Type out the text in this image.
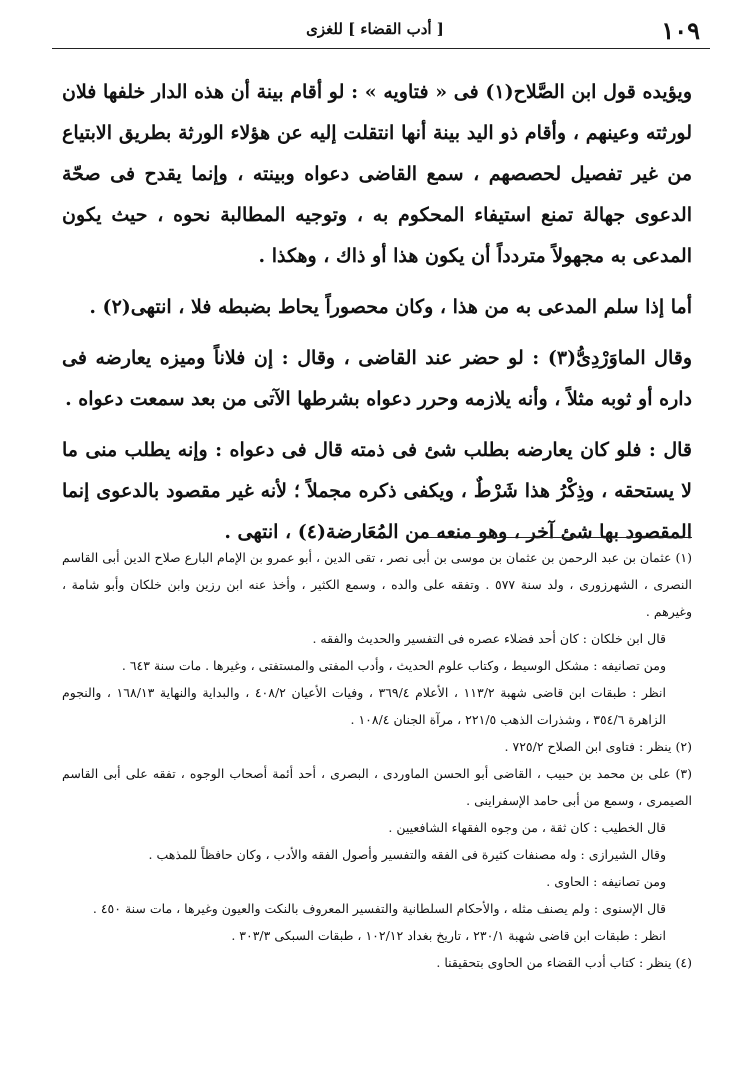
١٠٩
[ أدب القضاء ] للغزى

ويؤيده قول ابن الصَّلاح(١) فى « فتاويه » : لو أقام بينة أن هذه الدار خلفها فلان لورثته وعينهم ، وأقام ذو اليد بينة أنها انتقلت إليه عن هؤلاء الورثة بطريق الابتياع من غير تفصيل لحصصهم ، سمع القاضى دعواه وبينته ، وإنما يقدح فى صحّة الدعوى جهالة تمنع استيفاء المحكوم به ، وتوجيه المطالبة نحوه ، حيث يكون المدعى به مجهولاً متردداً أن يكون هذا أو ذاك ، وهكذا .

أما إذا سلم المدعى به من هذا ، وكان محصوراً يحاط بضبطه فلا ، انتهى(٢) .

وقال الماوَرْدِىُّ(٣) : لو حضر عند القاضى ، وقال : إن فلاناً وميزه يعارضه فى داره أو ثوبه مثلاً ، وأنه يلازمه وحرر دعواه بشرطها الآتى من بعد سمعت دعواه .

قال : فلو كان يعارضه بطلب شئ فى ذمته قال فى دعواه : وإنه يطلب منى ما لا يستحقه ، وذِكْرُ هذا شَرْطٌ ، ويكفى ذكره مجملاً ؛ لأنه غير مقصود بالدعوى إنما المقصود بها شئ آخر ، وهو منعه من المُعَارضة(٤) ، انتهى .

(١) عثمان بن عبد الرحمن بن عثمان بن موسى بن أبى نصر ، تقى الدين ، أبو عمرو بن الإمام البارع صلاح الدين أبى القاسم النصرى ، الشهرزورى ، ولد سنة ٥٧٧ . وتفقه على والده ، وسمع الكثير ، وأخذ عنه ابن رزين وابن خلكان وأبو شامة ، وغيرهم .

قال ابن خلكان : كان أحد فضلاء عصره فى التفسير والحديث والفقه .

ومن تصانيفه : مشكل الوسيط ، وكتاب علوم الحديث ، وأدب المفتى والمستفتى ، وغيرها . مات سنة ٦٤٣ .

انظر : طبقات ابن قاضى شهبة ١١٣/٢ ، الأعلام ٣٦٩/٤ ، وفيات الأعيان ٤٠٨/٢ ، والبداية والنهاية ١٦٨/١٣ ، والنجوم الزاهرة ٣٥٤/٦ ، وشذرات الذهب ٢٢١/٥ ، مرآة الجنان ١٠٨/٤ .

(٢) ينظر : فتاوى ابن الصلاح ٧٢٥/٢ .

(٣) على بن محمد بن حبيب ، القاضى أبو الحسن الماوردى ، البصرى ، أحد أئمة أصحاب الوجوه ، تفقه على أبى القاسم الصيمرى ، وسمع من أبى حامد الإسفراينى .

قال الخطيب : كان ثقة ، من وجوه الفقهاء الشافعيين .

وقال الشيرازى : وله مصنفات كثيرة فى الفقه والتفسير وأصول الفقه والأدب ، وكان حافظاً للمذهب .

ومن تصانيفه : الحاوى .

قال الإسنوى : ولم يصنف مثله ، والأحكام السلطانية والتفسير المعروف بالنكت والعيون وغيرها ، مات سنة ٤٥٠ .

انظر : طبقات ابن قاضى شهبة ٢٣٠/١ ، تاريخ بغداد ١٠٢/١٢ ، طبقات السبكى ٣٠٣/٣ .

(٤) ينظر : كتاب أدب القضاء من الحاوى بتحقيقنا .
